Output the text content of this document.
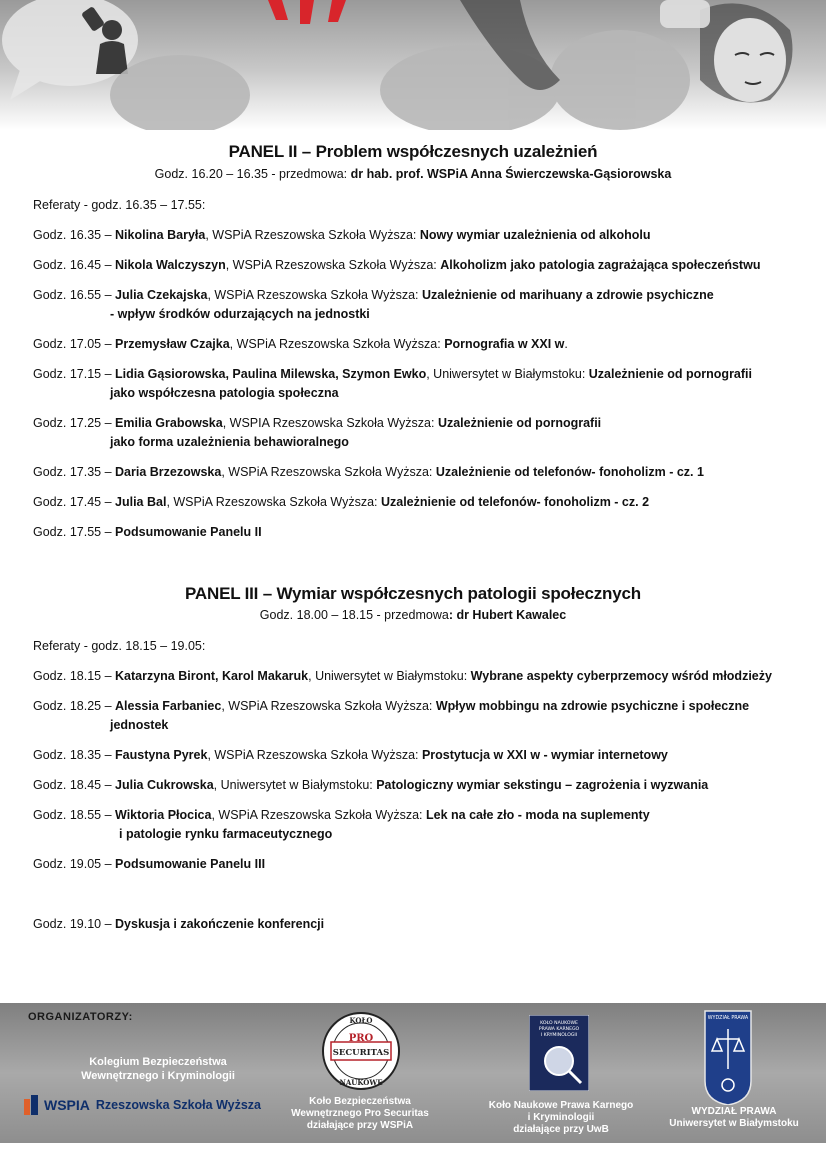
PANEL II – Problem współczesnych uzależnień
Godz. 16.20 – 16.35 - przedmowa: dr hab. prof. WSPiA Anna Świerczewska-Gąsiorowska
Referaty - godz. 16.35 – 17.55:
Godz. 16.35 – Nikolina Baryła, WSPiA Rzeszowska Szkoła Wyższa: Nowy wymiar uzależnienia od alkoholu
Godz. 16.45 – Nikola Walczyszyn, WSPiA Rzeszowska Szkoła Wyższa: Alkoholizm jako patologia zagrażająca społeczeństwu
Godz. 16.55 – Julia Czekajska, WSPiA Rzeszowska Szkoła Wyższa: Uzależnienie od marihuany a zdrowie psychiczne
- wpływ środków odurzających na jednostki
Godz. 17.05 – Przemysław Czajka, WSPiA Rzeszowska Szkoła Wyższa: Pornografia w XXI w.
Godz. 17.15 – Lidia Gąsiorowska, Paulina Milewska, Szymon Ewko, Uniwersytet w Białymstoku: Uzależnienie od pornografii
jako współczesna patologia społeczna
Godz. 17.25 – Emilia Grabowska, WSPIA Rzeszowska Szkoła Wyższa: Uzależnienie od pornografii
jako forma uzależnienia behawioralnego
Godz. 17.35 – Daria Brzezowska, WSPiA Rzeszowska Szkoła Wyższa: Uzależnienie od telefonów- fonoholizm - cz. 1
Godz. 17.45 – Julia Bal, WSPiA Rzeszowska Szkoła Wyższa: Uzależnienie od telefonów- fonoholizm - cz. 2
Godz. 17.55 – Podsumowanie Panelu II
PANEL III – Wymiar współczesnych patologii społecznych
Godz. 18.00 – 18.15 - przedmowa: dr Hubert Kawalec
Referaty - godz. 18.15 – 19.05:
Godz. 18.15 – Katarzyna Biront, Karol Makaruk, Uniwersytet w Białymstoku: Wybrane aspekty cyberprzemocy wśród młodzieży
Godz. 18.25 – Alessia Farbaniec, WSPiA Rzeszowska Szkoła Wyższa: Wpływ mobbingu na zdrowie psychiczne i społeczne
jednostek
Godz. 18.35 – Faustyna Pyrek, WSPiA Rzeszowska Szkoła Wyższa: Prostytucja w XXI w - wymiar internetowy
Godz. 18.45 – Julia Cukrowska, Uniwersytet w Białymstoku: Patologiczny wymiar sekstingu – zagrożenia i wyzwania
Godz. 18.55 – Wiktoria Płocica, WSPiA Rzeszowska Szkoła Wyższa: Lek na całe zło - moda na suplementy
i patologie rynku farmaceutycznego
Godz. 19.05 – Podsumowanie Panelu III
Godz. 19.10 – Dyskusja i zakończenie konferencji
ORGANIZATORZY:
Kolegium Bezpieczeństwa
Wewnętrznego i Kryminologii
WSPIA Rzeszowska Szkoła Wyższa
KOŁO
PRO
SECURITAS
NAUKOWE
Koło Bezpieczeństwa
Wewnętrznego Pro Securitas
działające przy WSPiA
KOŁO NAUKOWE
PRAWA KARNEGO
I KRYMINOLOGII
Koło Naukowe Prawa Karnego
i Kryminologii
działające przy UwB
WYDZIAŁ PRAWA
WYDZIAŁ PRAWA
Uniwersytet w Białymstoku
